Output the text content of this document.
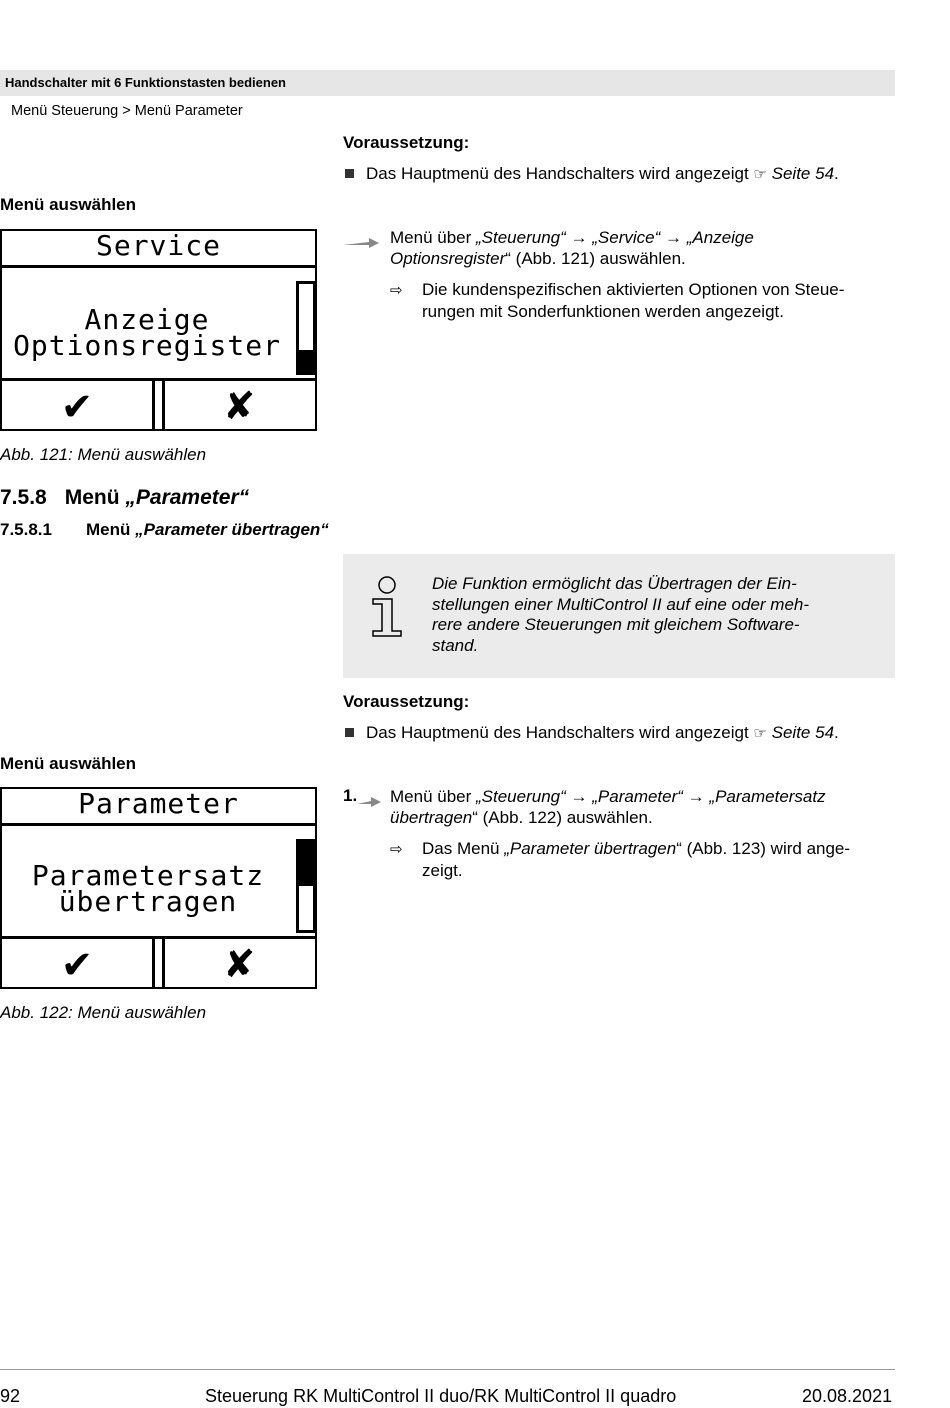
Handschalter mit 6 Funktionstasten bedienen
Menü Steuerung > Menü Parameter
Voraussetzung:
Das Hauptmenü des Handschalters wird angezeigt ☞ Seite 54.
Menü auswählen
Menü über „Steuerung“ → „Service“ → „Anzeige
Optionsregister“ (Abb. 121) auswählen.
⇨ Die kundenspezifischen aktivierten Optionen von Steue-
rungen mit Sonderfunktionen werden angezeigt.
Service
Anzeige
Optionsregister
✔	✘
Abb. 121: Menü auswählen
7.5.8 Menü „Parameter“
7.5.8.1 Menü „Parameter übertragen“
Die Funktion ermöglicht das Übertragen der Ein-
stellungen einer MultiControl II auf eine oder meh-
rere andere Steuerungen mit gleichem Software-
stand.
Voraussetzung:
Das Hauptmenü des Handschalters wird angezeigt ☞ Seite 54.
Menü auswählen
1. Menü über „Steuerung“ → „Parameter“ → „Parametersatz
übertragen“ (Abb. 122) auswählen.
⇨ Das Menü „Parameter übertragen“ (Abb. 123) wird ange-
zeigt.
Parameter
Parametersatz
übertragen
✔	✘
Abb. 122: Menü auswählen
92	Steuerung RK MultiControl II duo/RK MultiControl II quadro	20.08.2021
